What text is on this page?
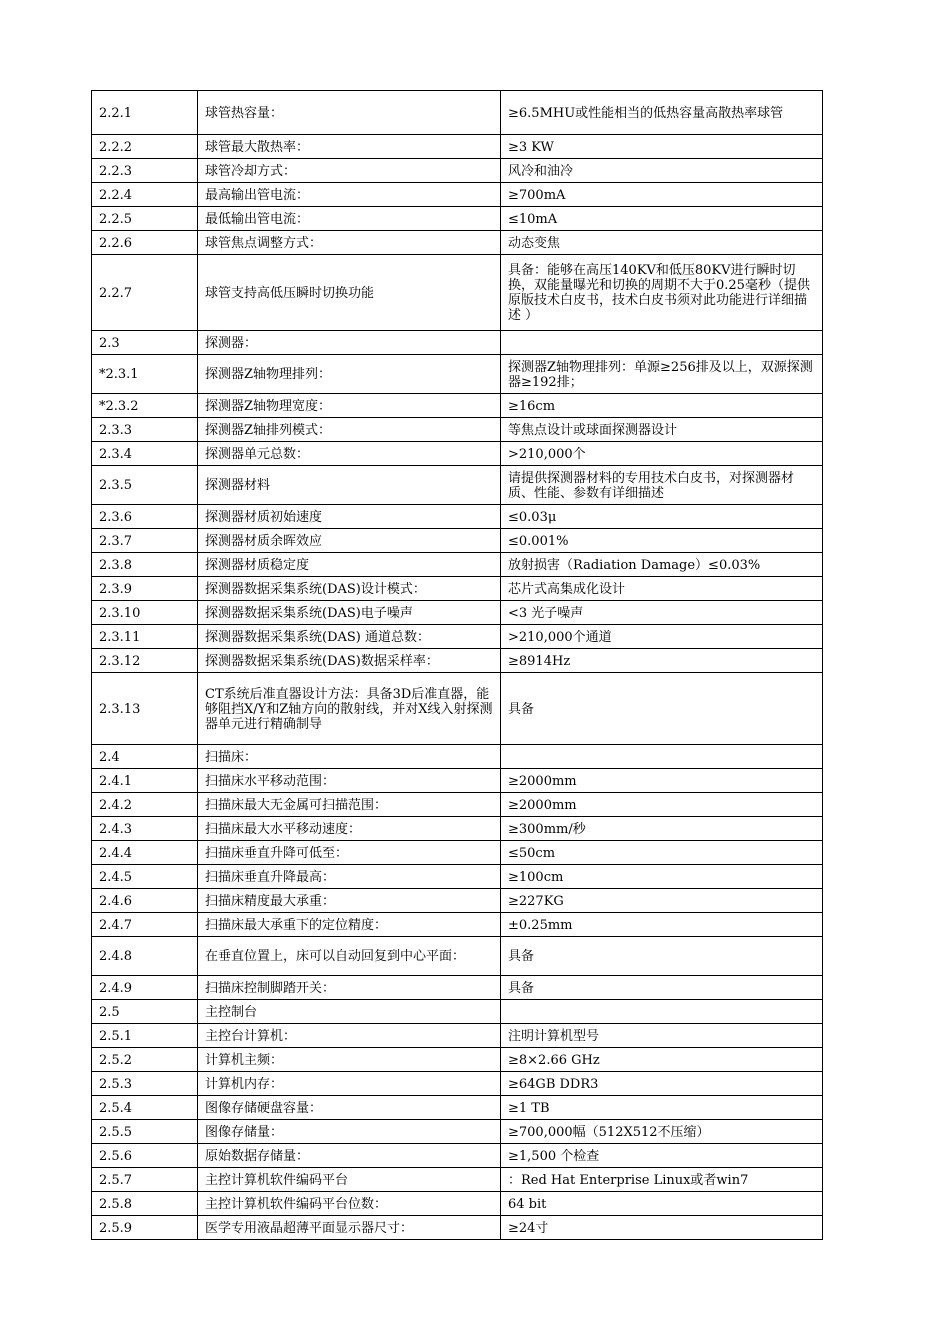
2.2.1	球管热容量：	≥6.5MHU或性能相当的低热容量高散热率球管
2.2.2	球管最大散热率：	≥3 KW
2.2.3	球管冷却方式：	风冷和油冷
2.2.4	最高输出管电流：	≥700mA
2.2.5	最低输出管电流：	≤10mA
2.2.6	球管焦点调整方式：	动态变焦
2.2.7	球管支持高低压瞬时切换功能	具备：能够在高压140KV和低压80KV进行瞬时切换，双能量曝光和切换的周期不大于0.25毫秒（提供原版技术白皮书，技术白皮书须对此功能进行详细描述 ）
2.3	探测器：	
*2.3.1	探测器Z轴物理排列：	探测器Z轴物理排列：单源≥256排及以上，双源探测器≥192排；
*2.3.2	探测器Z轴物理宽度：	≥16cm
2.3.3	探测器Z轴排列模式：	等焦点设计或球面探测器设计
2.3.4	探测器单元总数：	>210,000个
2.3.5	探测器材料	请提供探测器材料的专用技术白皮书，对探测器材质、性能、参数有详细描述
2.3.6	探测器材质初始速度	≤0.03μ
2.3.7	探测器材质余晖效应	≤0.001%
2.3.8	探测器材质稳定度	放射损害（Radiation Damage）≤0.03%
2.3.9	探测器数据采集系统(DAS)设计模式：	芯片式高集成化设计
2.3.10	探测器数据采集系统(DAS)电子噪声	<3 光子噪声
2.3.11	探测器数据采集系统(DAS) 通道总数：	>210,000个通道
2.3.12	探测器数据采集系统(DAS)数据采样率：	≥8914Hz
2.3.13	CT系统后准直器设计方法：具备3D后准直器，能够阻挡X/Y和Z轴方向的散射线，并对X线入射探测器单元进行精确制导	具备
2.4	扫描床：	
2.4.1	扫描床水平移动范围：	≥2000mm
2.4.2	扫描床最大无金属可扫描范围：	≥2000mm
2.4.3	扫描床最大水平移动速度：	≥300mm/秒
2.4.4	扫描床垂直升降可低至：	≤50cm
2.4.5	扫描床垂直升降最高：	≥100cm
2.4.6	扫描床精度最大承重：	≥227KG
2.4.7	扫描床最大承重下的定位精度：	±0.25mm
2.4.8	在垂直位置上，床可以自动回复到中心平面：	具备
2.4.9	扫描床控制脚踏开关：	具备
2.5	主控制台	
2.5.1	主控台计算机：	注明计算机型号
2.5.2	计算机主频：	≥8×2.66 GHz
2.5.3	计算机内存：	≥64GB DDR3
2.5.4	图像存储硬盘容量：	≥1 TB
2.5.5	图像存储量：	≥700,000幅（512X512不压缩）
2.5.6	原始数据存储量：	≥1,500 个检查
2.5.7	主控计算机软件编码平台	：Red Hat Enterprise Linux或者win7
2.5.8	主控计算机软件编码平台位数：	64 bit
2.5.9	医学专用液晶超薄平面显示器尺寸：	≥24寸
